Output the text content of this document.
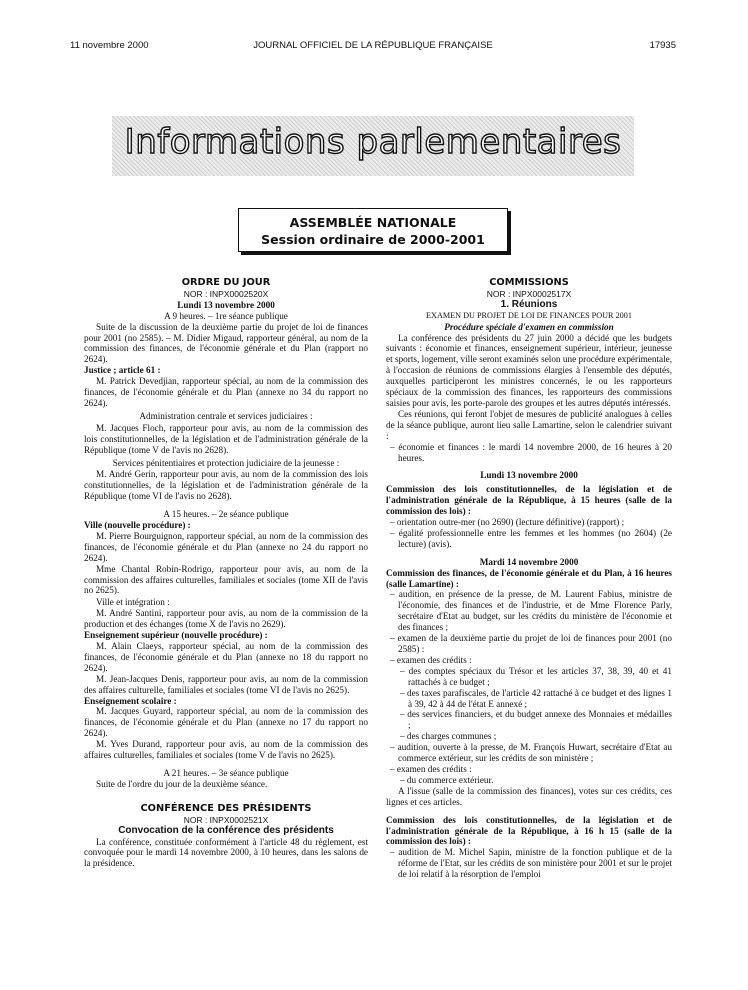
11 novembre 2000	JOURNAL OFFICIEL DE LA RÉPUBLIQUE FRANÇAISE	17935
Informations parlementaires
ASSEMBLÉE NATIONALE
Session ordinaire de 2000-2001

ORDRE DU JOUR

NOR : INPX0002520X

Lundi 13 novembre 2000

A 9 heures. – 1re séance publique

Suite de la discussion de la deuxième partie du projet de loi de finances pour 2001 (no 2585). – M. Didier Migaud, rapporteur général, au nom de la commission des finances, de l'économie générale et du Plan (rapport no 2624).

Justice ; article 61 :

M. Patrick Devedjian, rapporteur spécial, au nom de la commission des finances, de l'économie générale et du Plan (annexe no 34 du rapport no 2624).

Administration centrale et services judiciaires :

M. Jacques Floch, rapporteur pour avis, au nom de la commission des lois constitutionnelles, de la législation et de l'administration générale de la République (tome V de l'avis no 2628).

Services pénitentiaires et protection judiciaire de la jeunesse :

M. André Gerin, rapporteur pour avis, au nom de la commission des lois constitutionnelles, de la législation et de l'administration générale de la République (tome VI de l'avis no 2628).

A 15 heures. – 2e séance publique

Ville (nouvelle procédure) :

M. Pierre Bourguignon, rapporteur spécial, au nom de la commission des finances, de l'économie générale et du Plan (annexe no 24 du rapport no 2624).

Mme Chantal Robin-Rodrigo, rapporteur pour avis, au nom de la commission des affaires culturelles, familiales et sociales (tome XII de l'avis no 2625).

Ville et intégration :

M. André Santini, rapporteur pour avis, au nom de la commission de la production et des échanges (tome X de l'avis no 2629).

Enseignement supérieur (nouvelle procédure) :

M. Alain Claeys, rapporteur spécial, au nom de la commission des finances, de l'économie générale et du Plan (annexe no 18 du rapport no 2624).

M. Jean-Jacques Denis, rapporteur pour avis, au nom de la commission des affaires culturelle, familiales et sociales (tome VI de l'avis no 2625).

Enseignement scolaire :

M. Jacques Guyard, rapporteur spécial, au nom de la commission des finances, de l'économie générale et du Plan (annexe no 17 du rapport no 2624).

M. Yves Durand, rapporteur pour avis, au nom de la commission des affaires culturelles, familiales et sociales (tome V de l'avis no 2625).

A 21 heures. – 3e séance publique

Suite de l'ordre du jour de la deuxième séance.

CONFÉRENCE DES PRÉSIDENTS

NOR : INPX0002521X

Convocation de la conférence des présidents

La conférence, constituée conformément à l'article 48 du règlement, est convoquée pour le mardi 14 novembre 2000, à 10 heures, dans les salons de la présidence.

COMMISSIONS

NOR : INPX0002517X

1. Réunions

EXAMEN DU PROJET DE LOI DE FINANCES POUR 2001

Procédure spéciale d'examen en commission

La conférence des présidents du 27 juin 2000 a décidé que les budgets suivants : économie et finances, enseignement supérieur, intérieur, jeunesse et sports, logement, ville seront examinés selon une procédure expérimentale, à l'occasion de réunions de commissions élargies à l'ensemble des députés, auxquelles participeront les ministres concernés, le ou les rapporteurs spéciaux de la commission des finances, les rapporteurs des commissions saisies pour avis, les porte-parole des groupes et les autres députés intéressés.

Ces réunions, qui feront l'objet de mesures de publicité analogues à celles de la séance publique, auront lieu salle Lamartine, selon le calendrier suivant :

– économie et finances : le mardi 14 novembre 2000, de 16 heures à 20 heures.

Lundi 13 novembre 2000

Commission des lois constitutionnelles, de la législation et de l'administration générale de la République, à 15 heures (salle de la commission des lois) :

– orientation outre-mer (no 2690) (lecture définitive) (rapport) ;

– égalité professionnelle entre les femmes et les hommes (no 2604) (2e lecture) (avis).

Mardi 14 novembre 2000

Commission des finances, de l'économie générale et du Plan, à 16 heures (salle Lamartine) :

– audition, en présence de la presse, de M. Laurent Fabius, ministre de l'économie, des finances et de l'industrie, et de Mme Florence Parly, secrétaire d'Etat au budget, sur les crédits du ministère de l'économie et des finances ;

– examen de la deuxième partie du projet de loi de finances pour 2001 (no 2585) :

– examen des crédits :

– des comptes spéciaux du Trésor et les articles 37, 38, 39, 40 et 41 rattachés à ce budget ;

– des taxes parafiscales, de l'article 42 rattaché à ce budget et des lignes 1 à 39, 42 à 44 de l'état E annexé ;

– des services financiers, et du budget annexe des Monnaies et médailles ;

– des charges communes ;

– audition, ouverte à la presse, de M. François Huwart, secrétaire d'Etat au commerce extérieur, sur les crédits de son ministère ;

– examen des crédits :

– du commerce extérieur.

A l'issue (salle de la commission des finances), votes sur ces crédits, ces lignes et ces articles.

Commission des lois constitutionnelles, de la législation et de l'administration générale de la République, à 16 h 15 (salle de la commission des lois) :

– audition de M. Michel Sapin, ministre de la fonction publique et de la réforme de l'Etat, sur les crédits de son ministère pour 2001 et sur le projet de loi relatif à la résorption de l'emploi
